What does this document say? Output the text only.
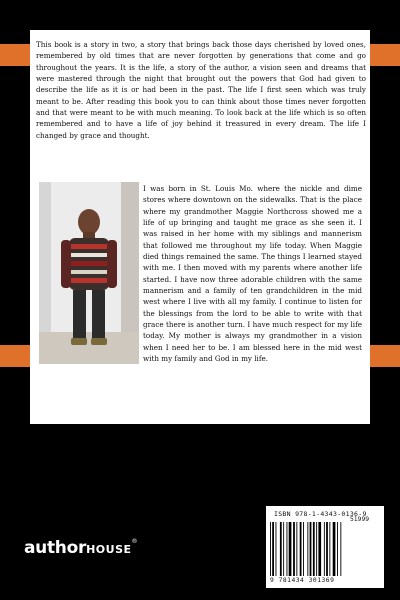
This book is a story in two, a story that brings back those days cherished by loved ones, remembered by old times that are never forgotten by generations that come and go throughout the years. It is the life, a story of the author, a vision seen and dreams that were mastered through the night that brought out the powers that God had given to describe the life as it is or had been in the past. The life I first seen which was truly meant to be. After reading this book you to can think about those times never forgotten and that were meant to be with much meaning. To look back at the life which is so often remembered and to have a life of joy behind it treasured in every dream. The life I changed by grace and thought.

I was born in St. Louis Mo. where the nickle and dime stores where downtown on the sidewalks. That is the place where my grandmother Maggie Northcross showed me a life of up bringing and taught me grace as she seen it. I was raised in her home with my siblings and mannerism that followed me throughout my life today. When Maggie died things remained the same. The things I learned stayed with me. I then moved with my parents where another life started. I have now three adorable children with the same mannerism and a family of ten grandchildren in the mid west where I live with all my family. I continue to listen for the blessings from the lord to be able to write with that grace there is another turn. I have much respect for my life today. My mother is always my grandmother in a vision when I need her to be. I am blessed here in the mid west with my family and God in my life.

ISBN 978-1-4343-0136-9
51999
9 781434 301369
authorHOUSE®
